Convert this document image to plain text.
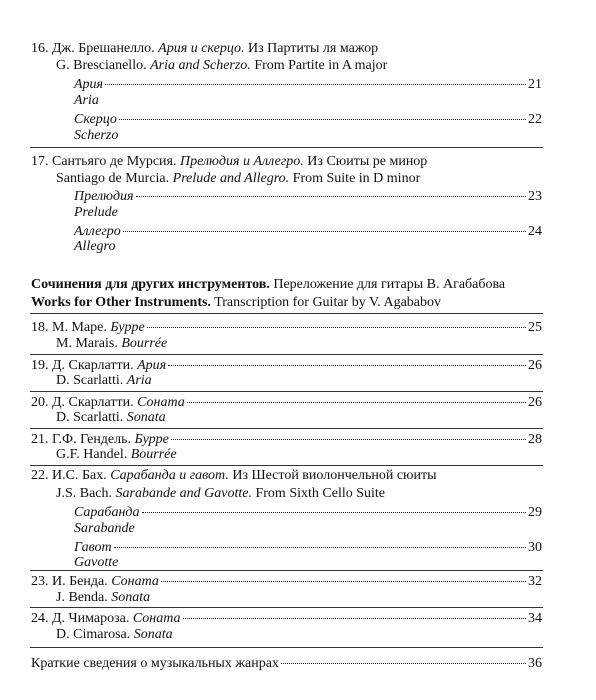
16. Дж. Брешанелло. Ария и скерцо. Из Партиты ля мажор
G. Brescianello. Aria and Scherzo. From Partite in A major
Ария	21
Aria
Скерцо	22
Scherzo
17. Сантьяго де Мурсия. Прелюдия и Аллегро. Из Сюиты ре минор
Santiago de Murcia. Prelude and Allegro. From Suite in D minor
Прелюдия	23
Prelude
Аллегро	24
Allegro
Сочинения для других инструментов. Переложение для гитары В. Агабабова
Works for Other Instruments. Transcription for Guitar by V. Agababov
18. М. Маре. Бурре	25
M. Marais. Bourrée
19. Д. Скарлатти. Ария	26
D. Scarlatti. Aria
20. Д. Скарлатти. Соната	26
D. Scarlatti. Sonata
21. Г.Ф. Гендель. Бурре	28
G.F. Handel. Bourrée
22. И.С. Бах. Сарабанда и гавот. Из Шестой виолончельной сюиты
J.S. Bach. Sarabande and Gavotte. From Sixth Cello Suite
Сарабанда	29
Sarabande
Гавот	30
Gavotte
23. И. Бенда. Соната	32
J. Benda. Sonata
24. Д. Чимароза. Соната	34
D. Cimarosa. Sonata
Краткие сведения о музыкальных жанрах	36
